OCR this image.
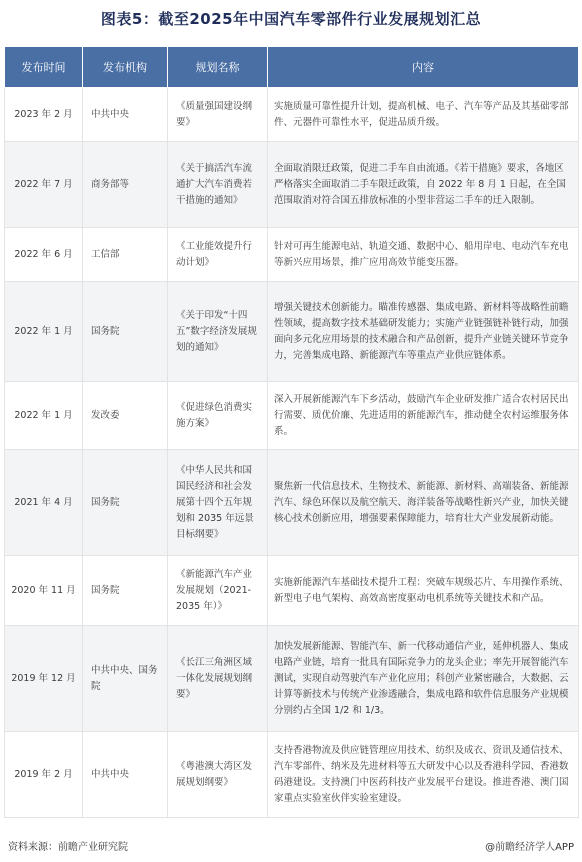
图表5：截至2025年中国汽车零部件行业发展规划汇总
发布时间	发布机构	规划名称	内容
2023 年 2 月	中共中央	《质量强国建设纲要》	实施质量可靠性提升计划，提高机械、电子、汽车等产品及其基础零部件、元器件可靠性水平，促进品质升级。
2022 年 7 月	商务部等	《关于搞活汽车流通扩大汽车消费若干措施的通知》	全面取消限迁政策，促进二手车自由流通。《若干措施》要求，各地区严格落实全面取消二手车限迁政策，自 2022 年 8 月 1 日起，在全国范围取消对符合国五排放标准的小型非营运二手车的迁入限制。
2022 年 6 月	工信部	《工业能效提升行动计划》	针对可再生能源电站、轨道交通、数据中心、船用岸电、电动汽车充电等新兴应用场景，推广应用高效节能变压器。
2022 年 1 月	国务院	《关于印发“十四五”数字经济发展规划的通知》	增强关键技术创新能力。瞄准传感器、集成电路、新材料等战略性前瞻性领域，提高数字技术基础研发能力；实施产业链强链补链行动，加强面向多元化应用场景的技术融合和产品创新，提升产业链关键环节竞争力，完善集成电路、新能源汽车等重点产业供应链体系。
2022 年 1 月	发改委	《促进绿色消费实施方案》	深入开展新能源汽车下乡活动，鼓励汽车企业研发推广适合农村居民出行需要、质优价廉、先进适用的新能源汽车，推动健全农村运维服务体系。
2021 年 4 月	国务院	《中华人民共和国国民经济和社会发展第十四个五年规划和 2035 年远景目标纲要》	聚焦新一代信息技术、生物技术、新能源、新材料、高端装备、新能源汽车、绿色环保以及航空航天、海洋装备等战略性新兴产业，加快关键核心技术创新应用，增强要素保障能力，培育壮大产业发展新动能。
2020 年 11 月	国务院	《新能源汽车产业发展规划（2021-2035 年）》	实施新能源汽车基础技术提升工程：突破车规级芯片、车用操作系统、新型电子电气架构、高效高密度驱动电机系统等关键技术和产品。
2019 年 12 月	中共中央、国务院	《长江三角洲区域一体化发展规划纲要》	加快发展新能源、智能汽车、新一代移动通信产业，延伸机器人、集成电路产业链，培育一批具有国际竞争力的龙头企业；率先开展智能汽车测试，实现自动驾驶汽车产业化应用；科创产业紧密融合，大数据、云计算等新技术与传统产业渗透融合，集成电路和软件信息服务产业规模分别约占全国 1/2 和 1/3。
2019 年 2 月	中共中央	《粤港澳大湾区发展规划纲要》	支持香港物流及供应链管理应用技术、纺织及成衣、资讯及通信技术、汽车零部件、纳米及先进材料等五大研发中心以及香港科学园、香港数码港建设。支持澳门中医药科技产业发展平台建设。推进香港、澳门国家重点实验室伙伴实验室建设。
资料来源：前瞻产业研究院	@前瞻经济学人APP
